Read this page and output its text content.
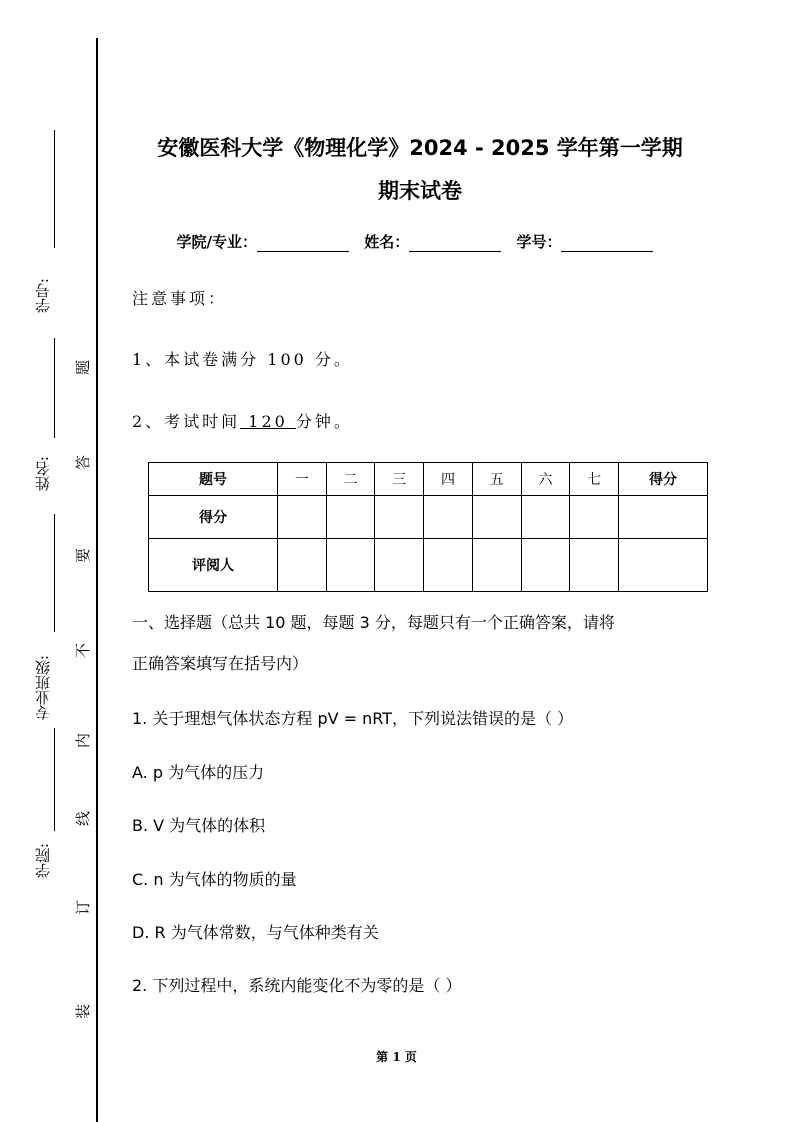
学号:
姓名:
专业班级:
学院:
题
答
要
不
内
线
订
装
安徽医科大学《物理化学》2024 - 2025 学年第一学期
期末试卷
学院/专业：	姓名：	学号：
注意事项：
1、本试卷满分 100 分。
2、考试时间 120 分钟。
题号	一	二	三	四	五	六	七	得分
得分								
评阅人								
一、选择题（总共 10 题，每题 3 分，每题只有一个正确答案，请将
正确答案填写在括号内）
1. 关于理想气体状态方程 pV = nRT，下列说法错误的是（ ）
A. p 为气体的压力
B. V 为气体的体积
C. n 为气体的物质的量
D. R 为气体常数，与气体种类有关
2. 下列过程中，系统内能变化不为零的是（ ）
第 1 页
